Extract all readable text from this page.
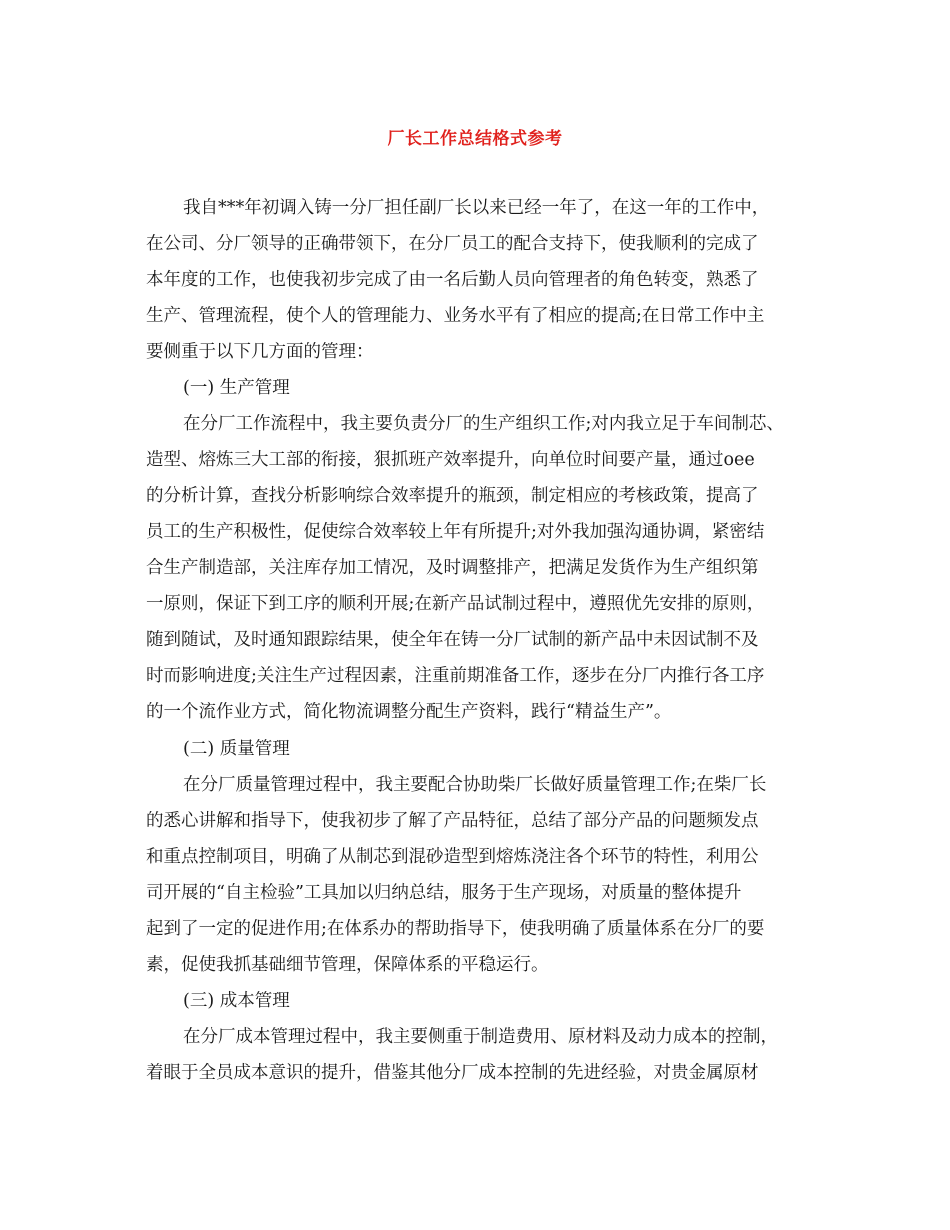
厂长工作总结格式参考
我自***年初调入铸一分厂担任副厂长以来已经一年了，在这一年的工作中，
在公司、分厂领导的正确带领下，在分厂员工的配合支持下，使我顺利的完成了
本年度的工作，也使我初步完成了由一名后勤人员向管理者的角色转变，熟悉了
生产、管理流程，使个人的管理能力、业务水平有了相应的提高;在日常工作中主
要侧重于以下几方面的管理：
(一) 生产管理
在分厂工作流程中，我主要负责分厂的生产组织工作;对内我立足于车间制芯、
造型、熔炼三大工部的衔接，狠抓班产效率提升，向单位时间要产量，通过oee
的分析计算，查找分析影响综合效率提升的瓶颈，制定相应的考核政策，提高了
员工的生产积极性，促使综合效率较上年有所提升;对外我加强沟通协调，紧密结
合生产制造部，关注库存加工情况，及时调整排产，把满足发货作为生产组织第
一原则，保证下到工序的顺利开展;在新产品试制过程中，遵照优先安排的原则，
随到随试，及时通知跟踪结果，使全年在铸一分厂试制的新产品中未因试制不及
时而影响进度;关注生产过程因素，注重前期准备工作，逐步在分厂内推行各工序
的一个流作业方式，简化物流调整分配生产资料，践行“精益生产”。
(二) 质量管理
在分厂质量管理过程中，我主要配合协助柴厂长做好质量管理工作;在柴厂长
的悉心讲解和指导下，使我初步了解了产品特征，总结了部分产品的问题频发点
和重点控制项目，明确了从制芯到混砂造型到熔炼浇注各个环节的特性，利用公
司开展的“自主检验”工具加以归纳总结，服务于生产现场，对质量的整体提升
起到了一定的促进作用;在体系办的帮助指导下，使我明确了质量体系在分厂的要
素，促使我抓基础细节管理，保障体系的平稳运行。
(三) 成本管理
在分厂成本管理过程中，我主要侧重于制造费用、原材料及动力成本的控制，
着眼于全员成本意识的提升，借鉴其他分厂成本控制的先进经验，对贵金属原材
